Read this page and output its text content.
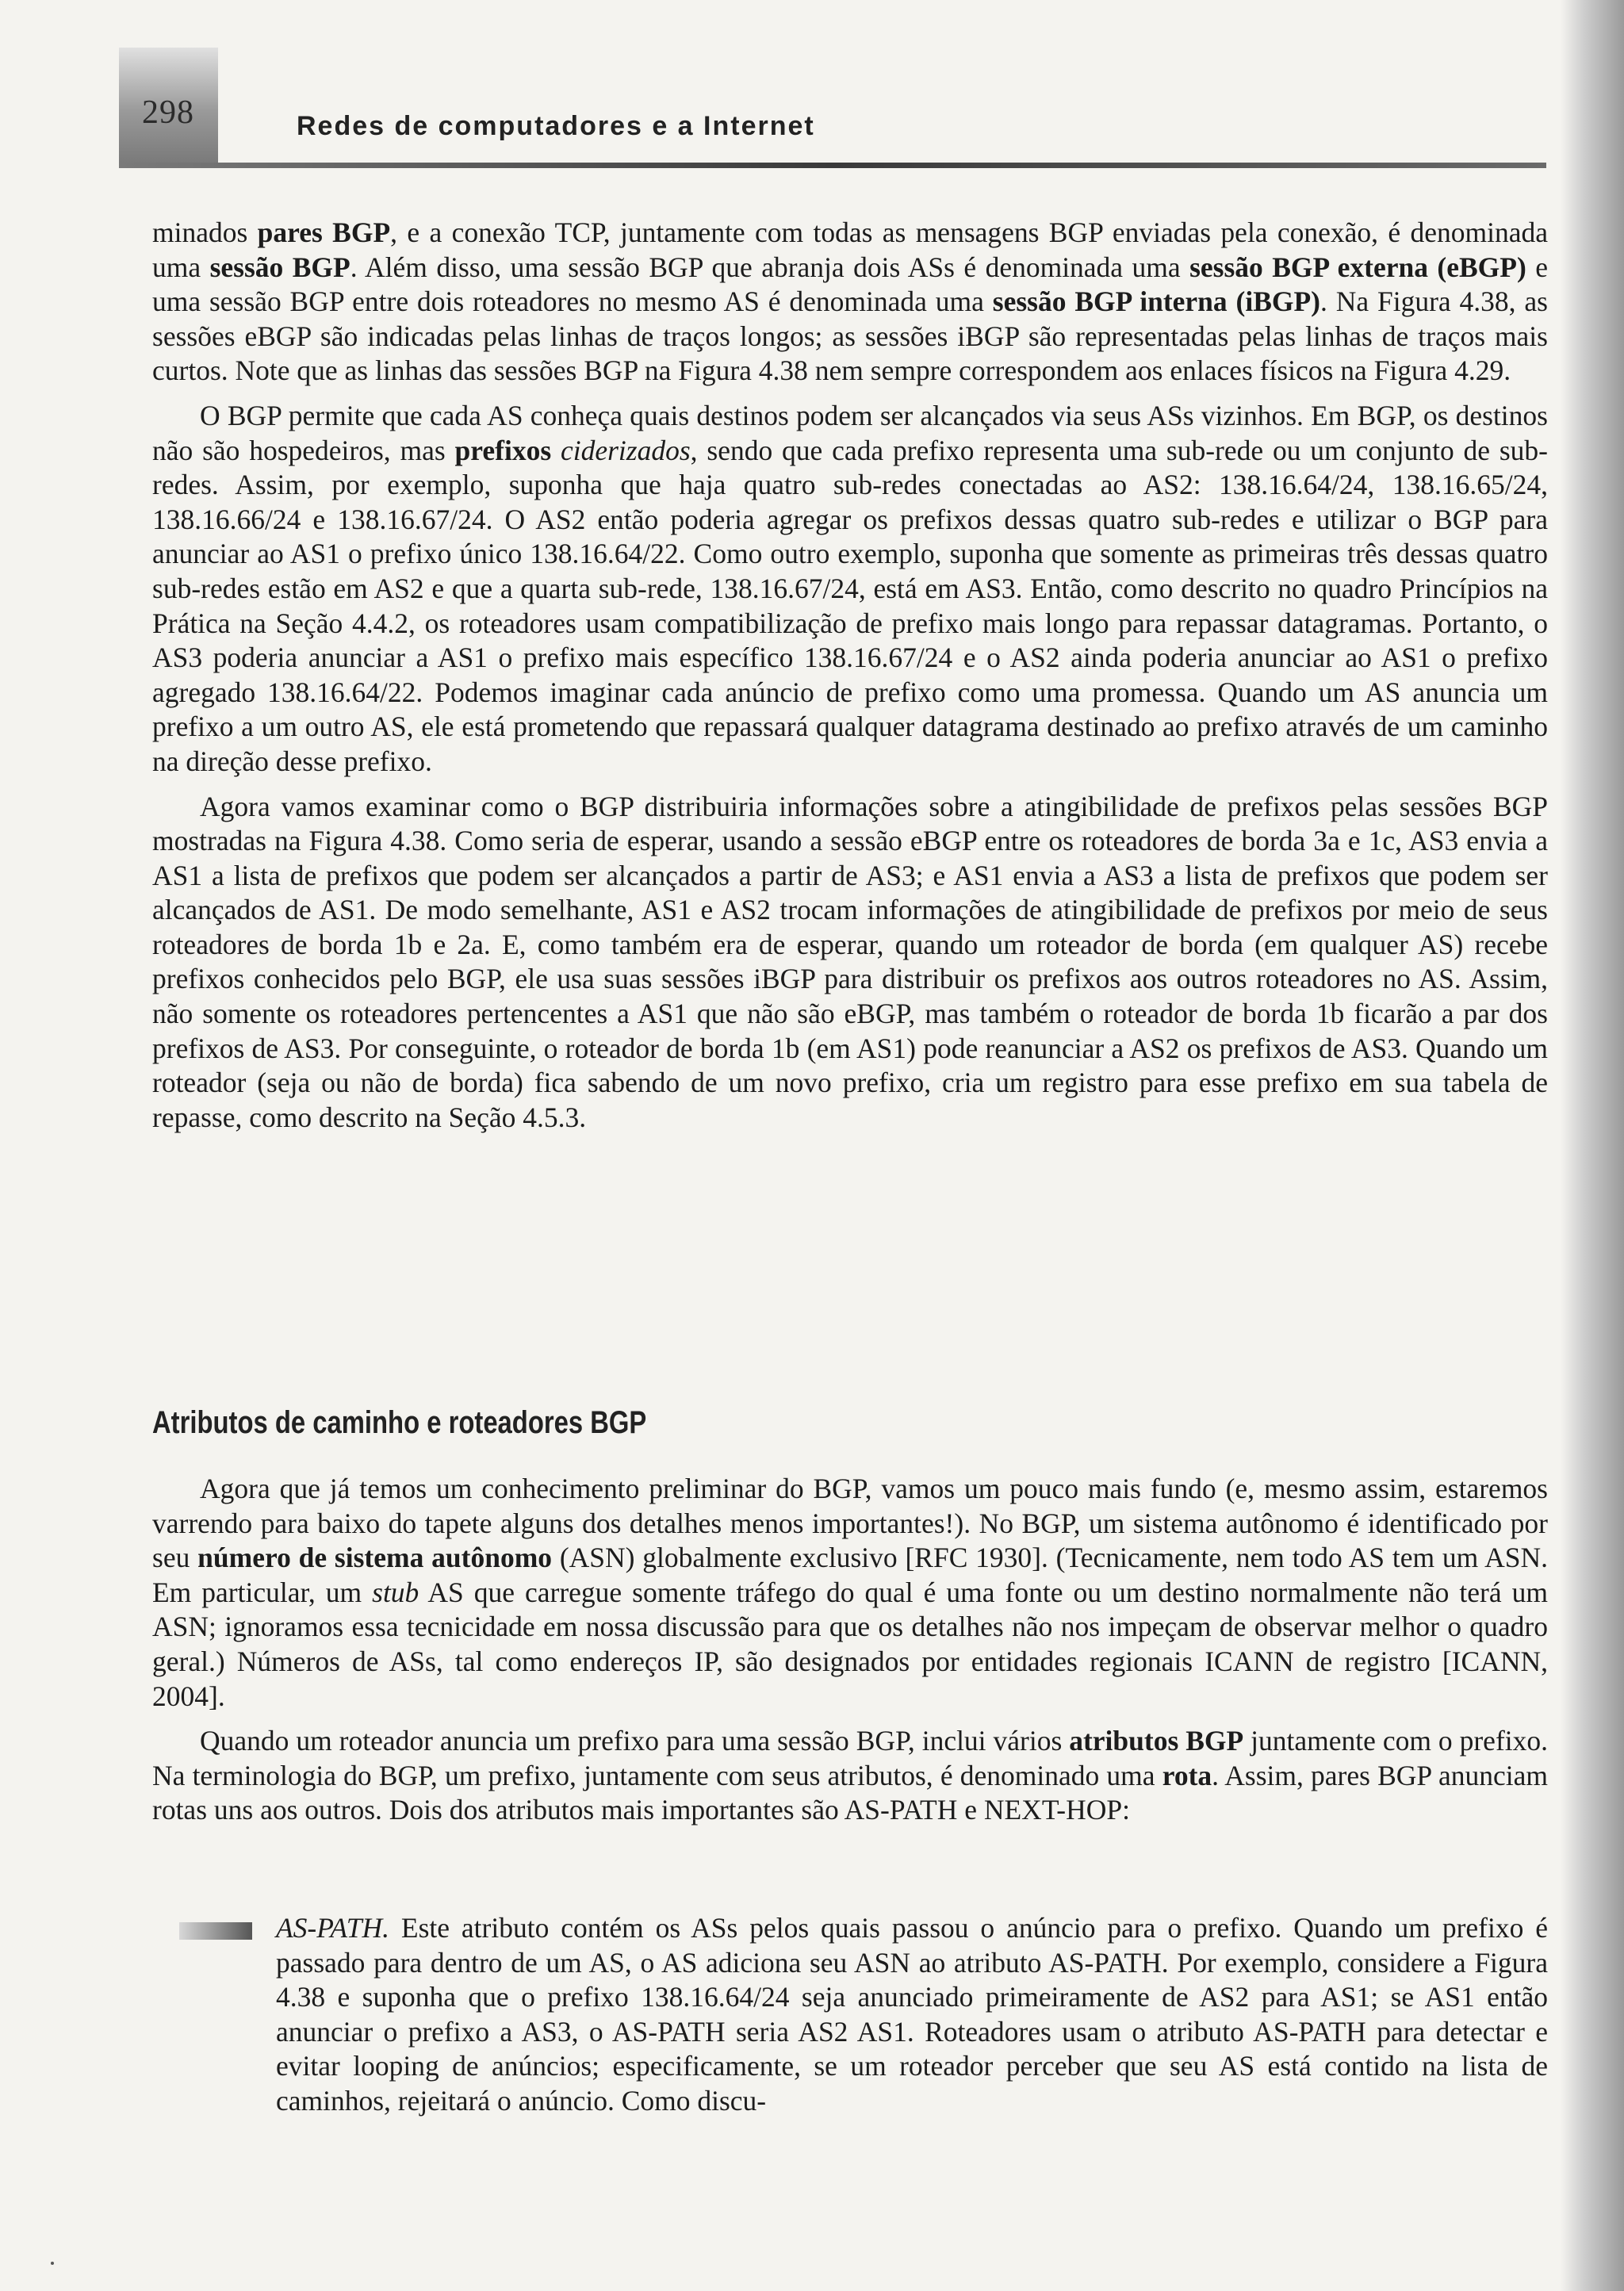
298	Redes de computadores e a Internet

minados pares BGP, e a conexão TCP, juntamente com todas as mensagens BGP enviadas pela conexão, é denominada uma sessão BGP. Além disso, uma sessão BGP que abranja dois ASs é denominada uma sessão BGP externa (eBGP) e uma sessão BGP entre dois roteadores no mesmo AS é denominada uma sessão BGP interna (iBGP). Na Figura 4.38, as sessões eBGP são indicadas pelas linhas de traços longos; as sessões iBGP são representadas pelas linhas de traços mais curtos. Note que as linhas das sessões BGP na Figura 4.38 nem sempre correspondem aos enlaces físicos na Figura 4.29.

O BGP permite que cada AS conheça quais destinos podem ser alcançados via seus ASs vizinhos. Em BGP, os destinos não são hospedeiros, mas prefixos ciderizados, sendo que cada prefixo representa uma sub-rede ou um conjunto de sub-redes. Assim, por exemplo, suponha que haja quatro sub-redes conectadas ao AS2: 138.16.64/24, 138.16.65/24, 138.16.66/24 e 138.16.67/24. O AS2 então poderia agregar os prefixos dessas quatro sub-redes e utilizar o BGP para anunciar ao AS1 o prefixo único 138.16.64/22. Como outro exemplo, suponha que somente as primeiras três dessas quatro sub-redes estão em AS2 e que a quarta sub-rede, 138.16.67/24, está em AS3. Então, como descrito no quadro Princípios na Prática na Seção 4.4.2, os roteadores usam compatibilização de prefixo mais longo para repassar datagramas. Portanto, o AS3 poderia anunciar a AS1 o prefixo mais específico 138.16.67/24 e o AS2 ainda poderia anunciar ao AS1 o prefixo agregado 138.16.64/22. Podemos imaginar cada anúncio de prefixo como uma promessa. Quando um AS anuncia um prefixo a um outro AS, ele está prometendo que repassará qualquer datagrama destinado ao prefixo através de um caminho na direção desse prefixo.

Agora vamos examinar como o BGP distribuiria informações sobre a atingibilidade de prefixos pelas sessões BGP mostradas na Figura 4.38. Como seria de esperar, usando a sessão eBGP entre os roteadores de borda 3a e 1c, AS3 envia a AS1 a lista de prefixos que podem ser alcançados a partir de AS3; e AS1 envia a AS3 a lista de prefixos que podem ser alcançados de AS1. De modo semelhante, AS1 e AS2 trocam informações de atingibilidade de prefixos por meio de seus roteadores de borda 1b e 2a. E, como também era de esperar, quando um roteador de borda (em qualquer AS) recebe prefixos conhecidos pelo BGP, ele usa suas sessões iBGP para distribuir os prefixos aos outros roteadores no AS. Assim, não somente os roteadores pertencentes a AS1 que não são eBGP, mas também o roteador de borda 1b ficarão a par dos prefixos de AS3. Por conseguinte, o roteador de borda 1b (em AS1) pode reanunciar a AS2 os prefixos de AS3. Quando um roteador (seja ou não de borda) fica sabendo de um novo prefixo, cria um registro para esse prefixo em sua tabela de repasse, como descrito na Seção 4.5.3.

Atributos de caminho e roteadores BGP

Agora que já temos um conhecimento preliminar do BGP, vamos um pouco mais fundo (e, mesmo assim, estaremos varrendo para baixo do tapete alguns dos detalhes menos importantes!). No BGP, um sistema autônomo é identificado por seu número de sistema autônomo (ASN) globalmente exclusivo [RFC 1930]. (Tecnicamente, nem todo AS tem um ASN. Em particular, um stub AS que carregue somente tráfego do qual é uma fonte ou um destino normalmente não terá um ASN; ignoramos essa tecnicidade em nossa discussão para que os detalhes não nos impeçam de observar melhor o quadro geral.) Números de ASs, tal como endereços IP, são designados por entidades regionais ICANN de registro [ICANN, 2004].

Quando um roteador anuncia um prefixo para uma sessão BGP, inclui vários atributos BGP juntamente com o prefixo. Na terminologia do BGP, um prefixo, juntamente com seus atributos, é denominado uma rota. Assim, pares BGP anunciam rotas uns aos outros. Dois dos atributos mais importantes são AS-PATH e NEXT-HOP:

AS-PATH. Este atributo contém os ASs pelos quais passou o anúncio para o prefixo. Quando um prefixo é passado para dentro de um AS, o AS adiciona seu ASN ao atributo AS-PATH. Por exemplo, considere a Figura 4.38 e suponha que o prefixo 138.16.64/24 seja anunciado primeiramente de AS2 para AS1; se AS1 então anunciar o prefixo a AS3, o AS-PATH seria AS2 AS1. Roteadores usam o atributo AS-PATH para detectar e evitar looping de anúncios; especificamente, se um roteador perceber que seu AS está contido na lista de caminhos, rejeitará o anúncio. Como discu-
